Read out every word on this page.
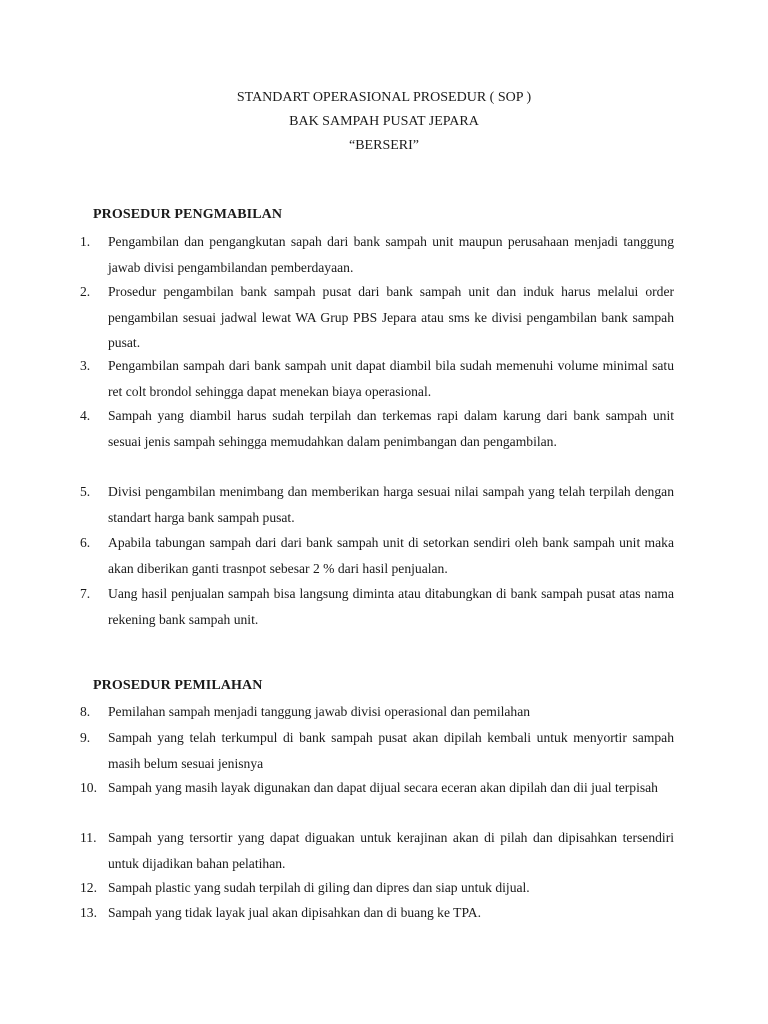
STANDART OPERASIONAL PROSEDUR ( SOP )

BAK SAMPAH PUSAT JEPARA

“BERSERI”

PROSEDUR PENGMABILAN

1.	Pengambilan dan pengangkutan sapah dari bank sampah unit maupun perusahaan menjadi tanggung jawab divisi pengambilandan pemberdayaan.
2.	Prosedur pengambilan bank sampah pusat dari bank sampah unit dan induk harus melalui order pengambilan sesuai jadwal lewat WA Grup PBS Jepara atau sms ke divisi pengambilan bank sampah pusat.
3.	Pengambilan sampah dari bank sampah unit dapat diambil bila sudah memenuhi volume minimal satu ret colt brondol sehingga dapat menekan biaya operasional.
4.	Sampah yang diambil harus sudah terpilah dan terkemas rapi dalam karung dari bank sampah unit sesuai jenis sampah sehingga memudahkan dalam penimbangan dan pengambilan.
5.	Divisi pengambilan menimbang dan memberikan harga sesuai nilai sampah yang telah terpilah dengan standart harga bank sampah pusat.
6.	Apabila tabungan sampah dari dari bank sampah unit di setorkan sendiri oleh bank sampah unit maka akan diberikan ganti trasnpot sebesar 2 % dari hasil penjualan.
7.	Uang hasil penjualan sampah bisa langsung diminta atau ditabungkan di bank sampah pusat atas nama rekening bank sampah unit.

PROSEDUR PEMILAHAN

8.	Pemilahan sampah menjadi tanggung jawab divisi operasional dan pemilahan
9.	Sampah yang telah terkumpul di bank sampah pusat akan dipilah kembali untuk menyortir sampah masih belum sesuai jenisnya
10. Sampah yang masih layak digunakan dan dapat dijual secara eceran akan dipilah dan dii jual terpisah
11. Sampah yang tersortir yang dapat diguakan untuk kerajinan akan di pilah dan dipisahkan tersendiri untuk dijadikan bahan pelatihan.
12. Sampah plastic yang sudah terpilah di giling dan dipres dan siap untuk dijual.
13. Sampah yang tidak layak jual akan dipisahkan dan di buang ke TPA.
